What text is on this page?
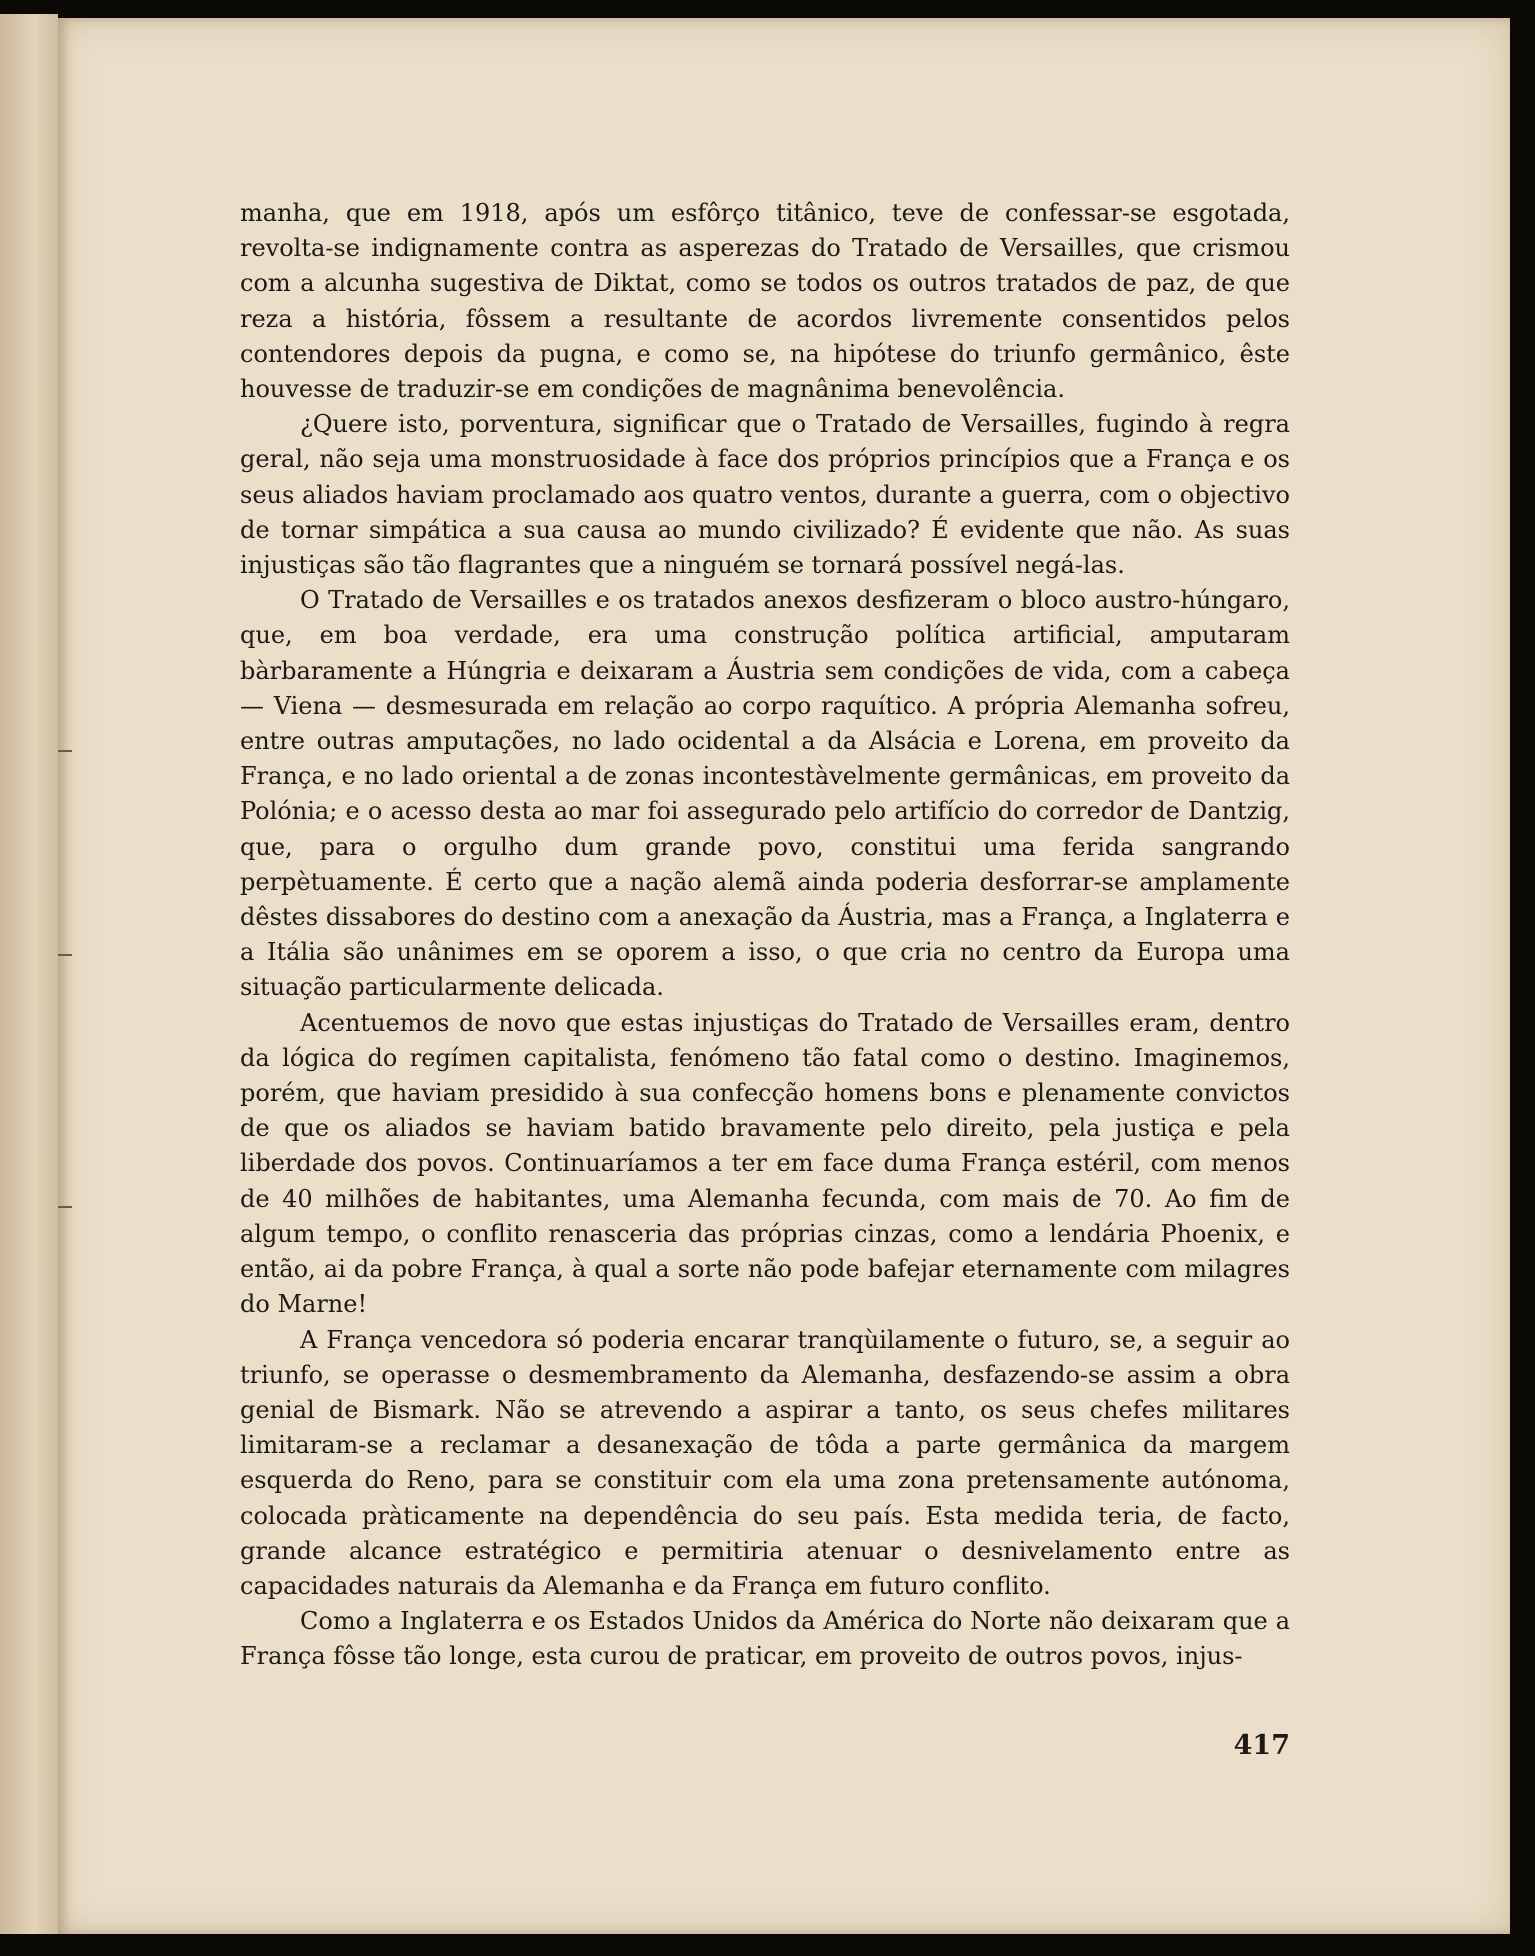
manha, que em 1918, após um esfôrço titânico, teve de confessar-se esgotada, revolta-se indignamente contra as asperezas do Tratado de Versailles, que crismou com a alcunha sugestiva de Diktat, como se todos os outros tratados de paz, de que reza a história, fôssem a resultante de acordos livremente consentidos pelos contendores depois da pugna, e como se, na hipótese do triunfo germânico, êste houvesse de traduzir-se em condições de magnânima benevolência.

¿Quere isto, porventura, significar que o Tratado de Versailles, fugindo à regra geral, não seja uma monstruosidade à face dos próprios princípios que a França e os seus aliados haviam proclamado aos quatro ventos, durante a guerra, com o objectivo de tornar simpática a sua causa ao mundo civilizado? É evidente que não. As suas injustiças são tão flagrantes que a ninguém se tornará possível negá-las.

O Tratado de Versailles e os tratados anexos desfizeram o bloco austro-húngaro, que, em boa verdade, era uma construção política artificial, amputaram bàrbaramente a Húngria e deixaram a Áustria sem condições de vida, com a cabeça — Viena — desmesurada em relação ao corpo raquítico. A própria Alemanha sofreu, entre outras amputações, no lado ocidental a da Alsácia e Lorena, em proveito da França, e no lado oriental a de zonas incontestàvelmente germânicas, em proveito da Polónia; e o acesso desta ao mar foi assegurado pelo artifício do corredor de Dantzig, que, para o orgulho dum grande povo, constitui uma ferida sangrando perpètuamente. É certo que a nação alemã ainda poderia desforrar-se amplamente dêstes dissabores do destino com a anexação da Áustria, mas a França, a Inglaterra e a Itália são unânimes em se oporem a isso, o que cria no centro da Europa uma situação particularmente delicada.

Acentuemos de novo que estas injustiças do Tratado de Versailles eram, dentro da lógica do regímen capitalista, fenómeno tão fatal como o destino. Imaginemos, porém, que haviam presidido à sua confecção homens bons e plenamente convictos de que os aliados se haviam batido bravamente pelo direito, pela justiça e pela liberdade dos povos. Continuaríamos a ter em face duma França estéril, com menos de 40 milhões de habitantes, uma Alemanha fecunda, com mais de 70. Ao fim de algum tempo, o conflito renasceria das próprias cinzas, como a lendária Phoenix, e então, ai da pobre França, à qual a sorte não pode bafejar eternamente com milagres do Marne!

A França vencedora só poderia encarar tranqùilamente o futuro, se, a seguir ao triunfo, se operasse o desmembramento da Alemanha, desfazendo-se assim a obra genial de Bismark. Não se atrevendo a aspirar a tanto, os seus chefes militares limitaram-se a reclamar a desanexação de tôda a parte germânica da margem esquerda do Reno, para se constituir com ela uma zona pretensamente autónoma, colocada pràticamente na dependência do seu país. Esta medida teria, de facto, grande alcance estratégico e permitiria atenuar o desnivelamento entre as capacidades naturais da Alemanha e da França em futuro conflito.

Como a Inglaterra e os Estados Unidos da América do Norte não deixaram que a França fôsse tão longe, esta curou de praticar, em proveito de outros povos, injus-

417
